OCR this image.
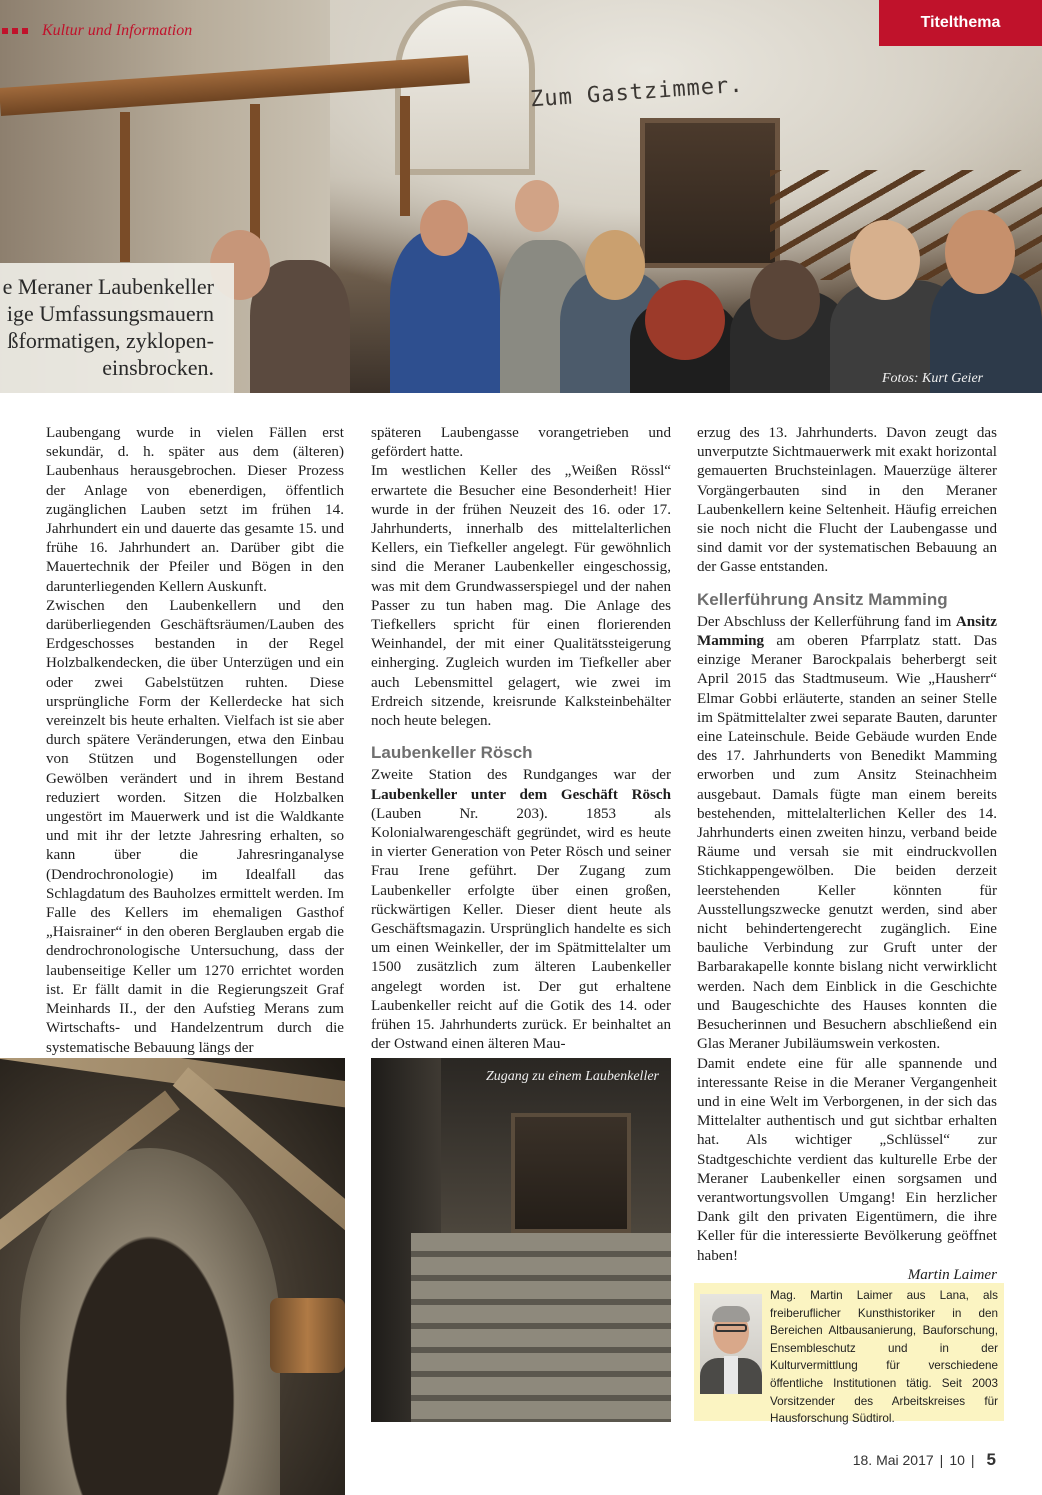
Zum Gastzimmer.
Kultur und Information	Titelthema

e Meraner Laubenkeller

ige Umfassungsmauern

ßformatigen, zyklopen-

einsbrocken.	Fotos: Kurt Geier

Laubengang wurde in vielen Fällen erst sekundär, d. h. später aus dem (älteren) Laubenhaus herausgebrochen. Dieser Prozess der Anlage von ebenerdigen, öffentlich zugänglichen Lauben setzt im frühen 14. Jahrhundert ein und dauerte das gesamte 15. und frühe 16. Jahrhundert an. Darüber gibt die Mauertechnik der Pfeiler und Bögen in den darunterliegenden Kellern Auskunft.

Zwischen den Laubenkellern und den darüberliegenden Geschäftsräumen/Lauben des Erdgeschosses bestanden in der Regel Holzbalkendecken, die über Unterzügen und ein oder zwei Gabelstützen ruhten. Diese ursprüngliche Form der Kellerdecke hat sich vereinzelt bis heute erhalten. Vielfach ist sie aber durch spätere Veränderungen, etwa den Einbau von Stützen und Bogenstellungen oder Gewölben verändert und in ihrem Bestand reduziert worden. Sitzen die Holzbalken ungestört im Mauerwerk und ist die Waldkante und mit ihr der letzte Jahresring erhalten, so kann über die Jahresringanalyse (Dendrochronologie) im Idealfall das Schlagdatum des Bauholzes ermittelt werden. Im Falle des Kellers im ehemaligen Gasthof „Haisrainer“ in den oberen Berglauben ergab die dendrochronologische Untersuchung, dass der laubenseitige Keller um 1270 errichtet worden ist. Er fällt damit in die Regierungszeit Graf Meinhards II., der den Aufstieg Merans zum Wirtschafts- und Handelzentrum durch die systematische Bebauung längs der

späteren Laubengasse vorangetrieben und gefördert hatte.

Im westlichen Keller des „Weißen Rössl“ erwartete die Besucher eine Besonderheit! Hier wurde in der frühen Neuzeit des 16. oder 17. Jahrhunderts, innerhalb des mittelalterlichen Kellers, ein Tiefkeller angelegt. Für gewöhnlich sind die Meraner Laubenkeller eingeschossig, was mit dem Grundwasserspiegel und der nahen Passer zu tun haben mag. Die Anlage des Tiefkellers spricht für einen florierenden Weinhandel, der mit einer Qualitätssteigerung einherging. Zugleich wurden im Tiefkeller aber auch Lebensmittel gelagert, wie zwei im Erdreich sitzende, kreisrunde Kalksteinbehälter noch heute belegen.

Laubenkeller Rösch

Zweite Station des Rundganges war der Laubenkeller unter dem Geschäft Rösch (Lauben Nr. 203). 1853 als Kolonialwarengeschäft gegründet, wird es heute in vierter Generation von Peter Rösch und seiner Frau Irene geführt. Der Zugang zum Laubenkeller erfolgte über einen großen, rückwärtigen Keller. Dieser dient heute als Geschäftsmagazin. Ursprünglich handelte es sich um einen Weinkeller, der im Spätmittelalter um 1500 zusätzlich zum älteren Laubenkeller angelegt worden ist. Der gut erhaltene Laubenkeller reicht auf die Gotik des 14. oder frühen 15. Jahrhunderts zurück. Er beinhaltet an der Ostwand einen älteren Mau-

erzug des 13. Jahrhunderts. Davon zeugt das unverputzte Sichtmauerwerk mit exakt horizontal gemauerten Bruchsteinlagen. Mauerzüge älterer Vorgängerbauten sind in den Meraner Laubenkellern keine Seltenheit. Häufig erreichen sie noch nicht die Flucht der Laubengasse und sind damit vor der systematischen Bebauung an der Gasse entstanden.

Kellerführung Ansitz Mamming

Der Abschluss der Kellerführung fand im Ansitz Mamming am oberen Pfarrplatz statt. Das einzige Meraner Barockpalais beherbergt seit April 2015 das Stadtmuseum. Wie „Hausherr“ Elmar Gobbi erläuterte, standen an seiner Stelle im Spätmittelalter zwei separate Bauten, darunter eine Lateinschule. Beide Gebäude wurden Ende des 17. Jahrhunderts von Benedikt Mamming erworben und zum Ansitz Steinachheim ausgebaut. Damals fügte man einem bereits bestehenden, mittelalterlichen Keller des 14. Jahrhunderts einen zweiten hinzu, verband beide Räume und versah sie mit eindruckvollen Stichkappengewölben. Die beiden derzeit leerstehenden Keller könnten für Ausstellungszwecke genutzt werden, sind aber nicht behindertengerecht zugänglich. Eine bauliche Verbindung zur Gruft unter der Barbarakapelle konnte bislang nicht verwirklicht werden. Nach dem Einblick in die Geschichte und Baugeschichte des Hauses konnten die Besucherinnen und Besuchern abschließend ein Glas Meraner Jubiläumswein verkosten.

Damit endete eine für alle spannende und interessante Reise in die Meraner Vergangenheit und in eine Welt im Verborgenen, in der sich das Mittelalter authentisch und gut sichtbar erhalten hat. Als wichtiger „Schlüssel“ zur Stadtgeschichte verdient das kulturelle Erbe der Meraner Laubenkeller einen sorgsamen und verantwortungsvollen Umgang! Ein herzlicher Dank gilt den privaten Eigentümern, die ihre Keller für die interessierte Bevölkerung geöffnet haben!

Martin Laimer

Zugang zu einem Laubenkeller
Mag. Martin Laimer aus Lana, als freiberuflicher Kunsthistoriker in den Bereichen Altbausanierung, Bauforschung, Ensembleschutz und in der Kulturvermittlung für verschiedene öffentliche Institutionen tätig. Seit 2003 Vorsitzender des Arbeitskreises für Hausforschung Südtirol.
18. Mai 2017 | 10 | 5
